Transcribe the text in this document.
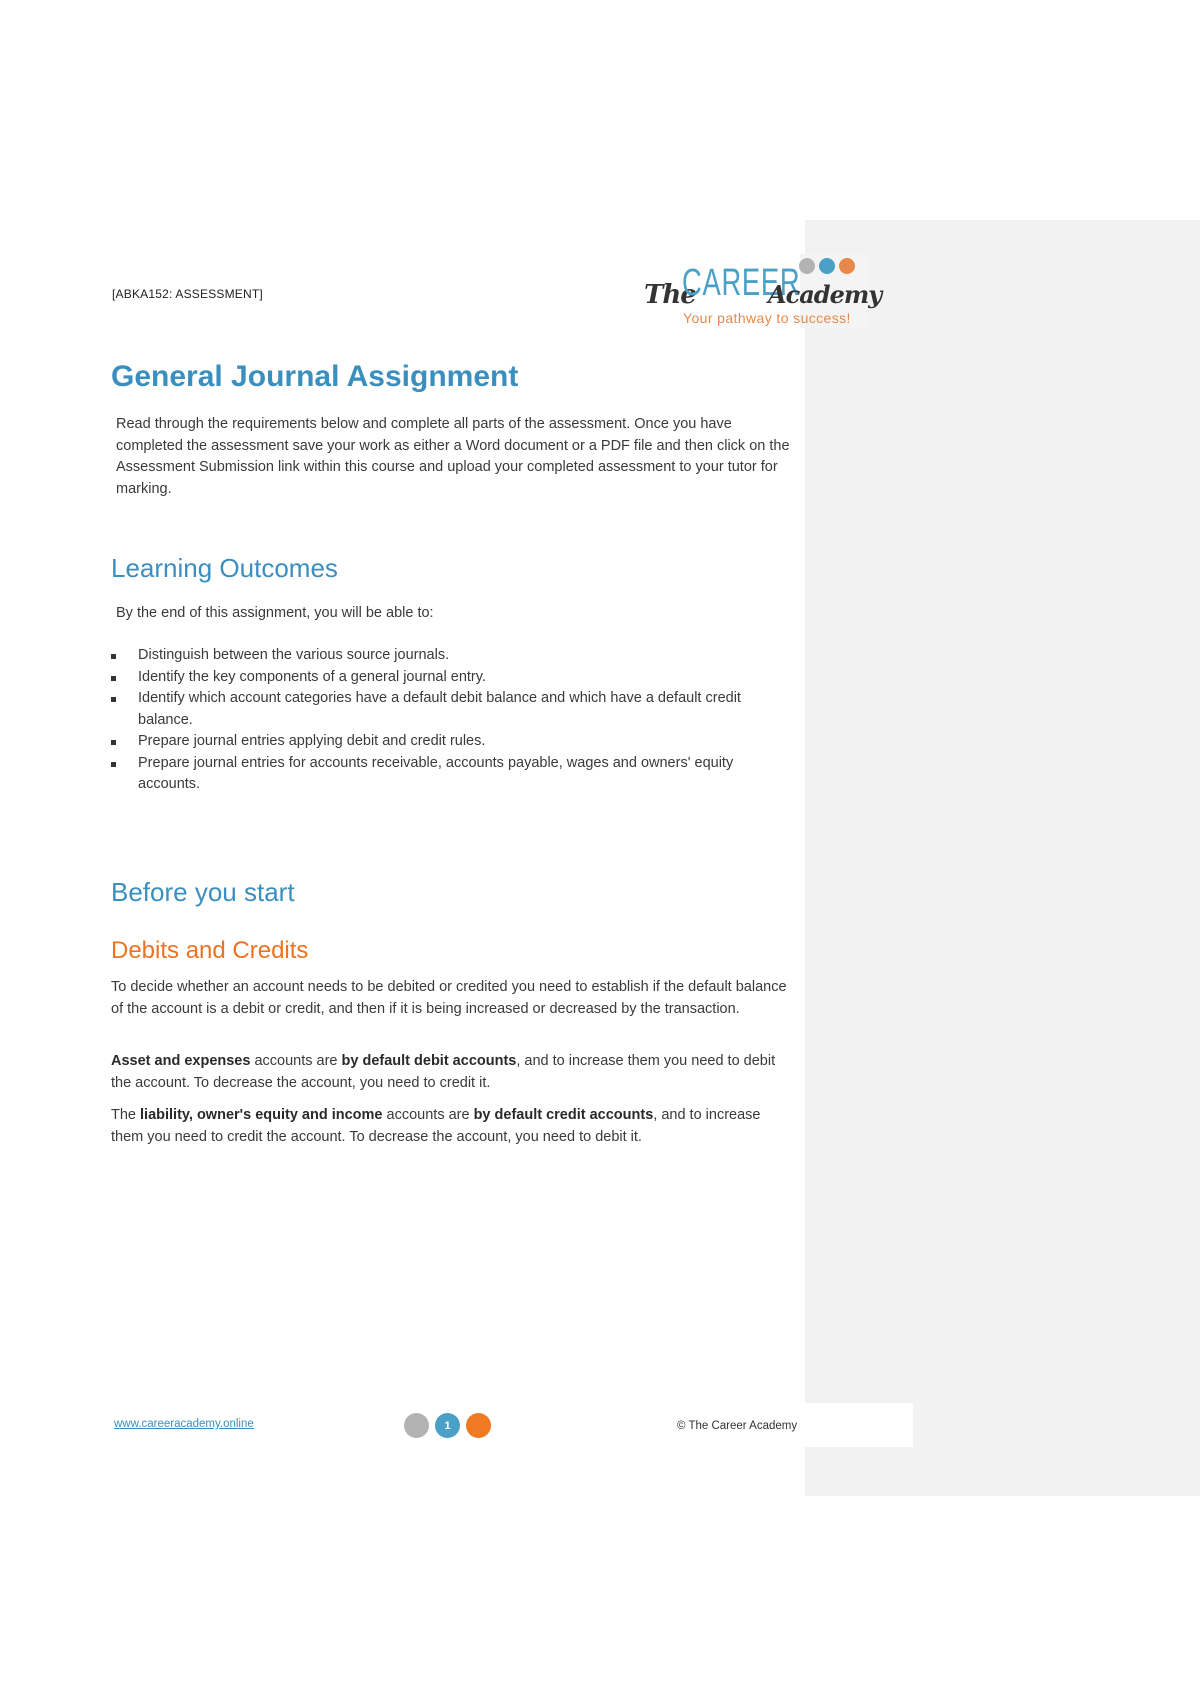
[ABKA152: ASSESSMENT]	The
CAREER
Academy
Your pathway to success!
General Journal Assignment

Read through the requirements below and complete all parts of the assessment. Once you have completed the assessment save your work as either a Word document or a PDF file and then click on the Assessment Submission link within this course and upload your completed assessment to your tutor for marking.

Learning Outcomes

By the end of this assignment, you will be able to:

Distinguish between the various source journals.
Identify the key components of a general journal entry.
Identify which account categories have a default debit balance and which have a default credit balance.
Prepare journal entries applying debit and credit rules.
Prepare journal entries for accounts receivable, accounts payable, wages and owners' equity accounts.
Before you start
Debits and Credits

To decide whether an account needs to be debited or credited you need to establish if the default balance of the account is a debit or credit, and then if it is being increased or decreased by the transaction.

Asset and expenses accounts are by default debit accounts, and to increase them you need to debit the account. To decrease the account, you need to credit it.

The liability, owner's equity and income accounts are by default credit accounts, and to increase them you need to credit the account. To decrease the account, you need to debit it.

www.careeracademy.online	1	© The Career Academy
